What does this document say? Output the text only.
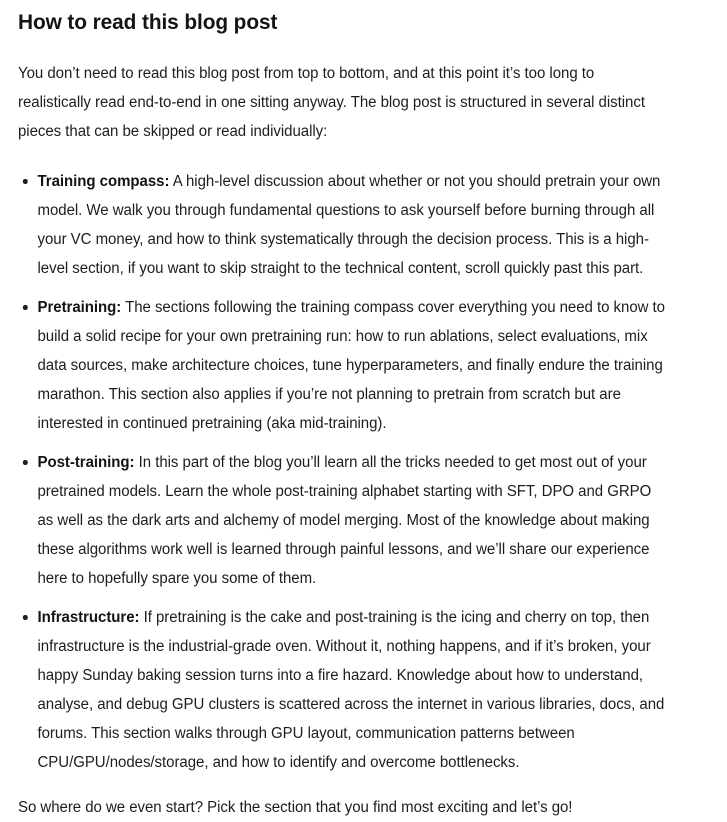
How to read this blog post

You don’t need to read this blog post from top to bottom, and at this point it’s too long to realistically read end-to-end in one sitting anyway. The blog post is structured in several distinct pieces that can be skipped or read individually:

Training compass: A high-level discussion about whether or not you should pretrain your own model. We walk you through fundamental questions to ask yourself before burning through all your VC money, and how to think systematically through the decision process. This is a high-level section, if you want to skip straight to the technical content, scroll quickly past this part.
Pretraining: The sections following the training compass cover everything you need to know to build a solid recipe for your own pretraining run: how to run ablations, select evaluations, mix data sources, make architecture choices, tune hyperparameters, and finally endure the training marathon. This section also applies if you’re not planning to pretrain from scratch but are interested in continued pretraining (aka mid-training).
Post-training: In this part of the blog you’ll learn all the tricks needed to get most out of your pretrained models. Learn the whole post-training alphabet starting with SFT, DPO and GRPO as well as the dark arts and alchemy of model merging. Most of the knowledge about making these algorithms work well is learned through painful lessons, and we’ll share our experience here to hopefully spare you some of them.
Infrastructure: If pretraining is the cake and post-training is the icing and cherry on top, then infrastructure is the industrial-grade oven. Without it, nothing happens, and if it’s broken, your happy Sunday baking session turns into a fire hazard. Knowledge about how to understand, analyse, and debug GPU clusters is scattered across the internet in various libraries, docs, and forums. This section walks through GPU layout, communication patterns between CPU/GPU/nodes/storage, and how to identify and overcome bottlenecks.

So where do we even start? Pick the section that you find most exciting and let’s go!
